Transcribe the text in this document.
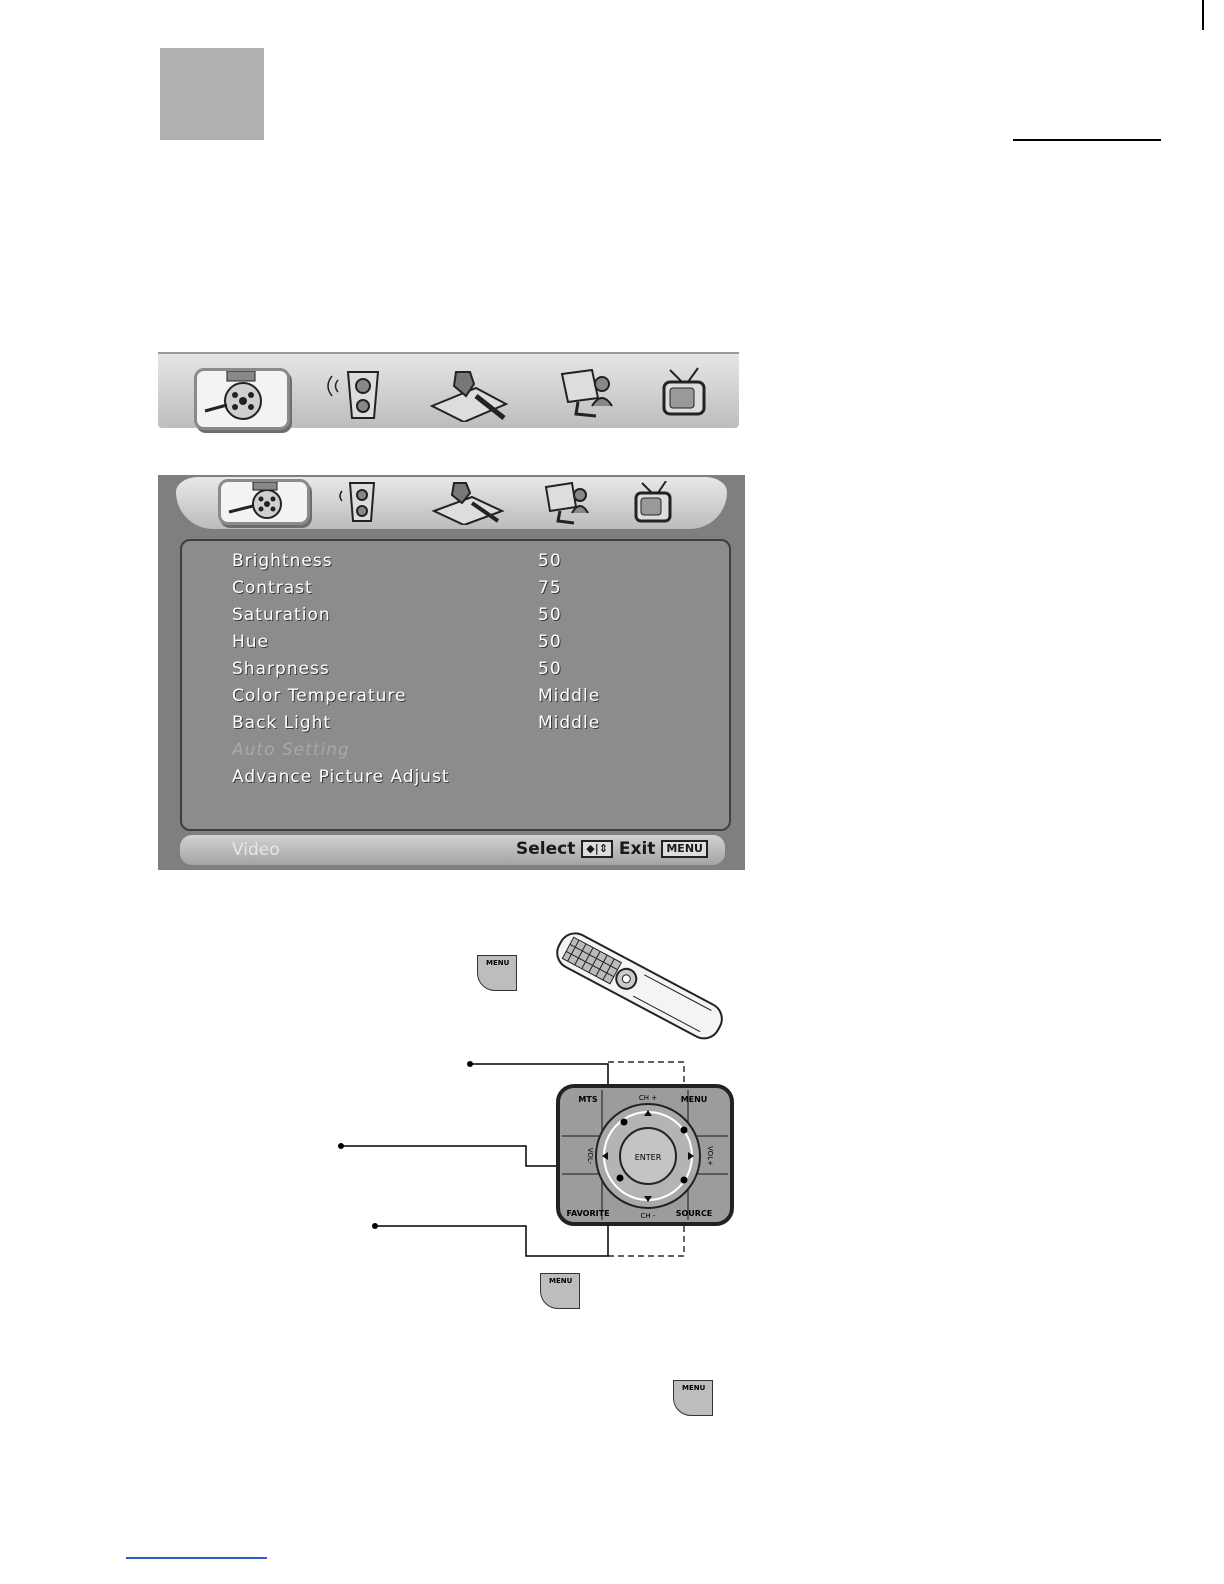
Brightness	50
Contrast	75
Saturation	50
Hue	50
Sharpness	50
Color Temperature	Middle
Back Light	Middle
Auto Setting
Advance Picture Adjust
Video	Select ◆|⇕ Exit MENU
MENU
MENU
MENU
ENTER
MTS	CH +	MENU
FAVORITE	CH -	SOURCE
VOL-	VOL+
